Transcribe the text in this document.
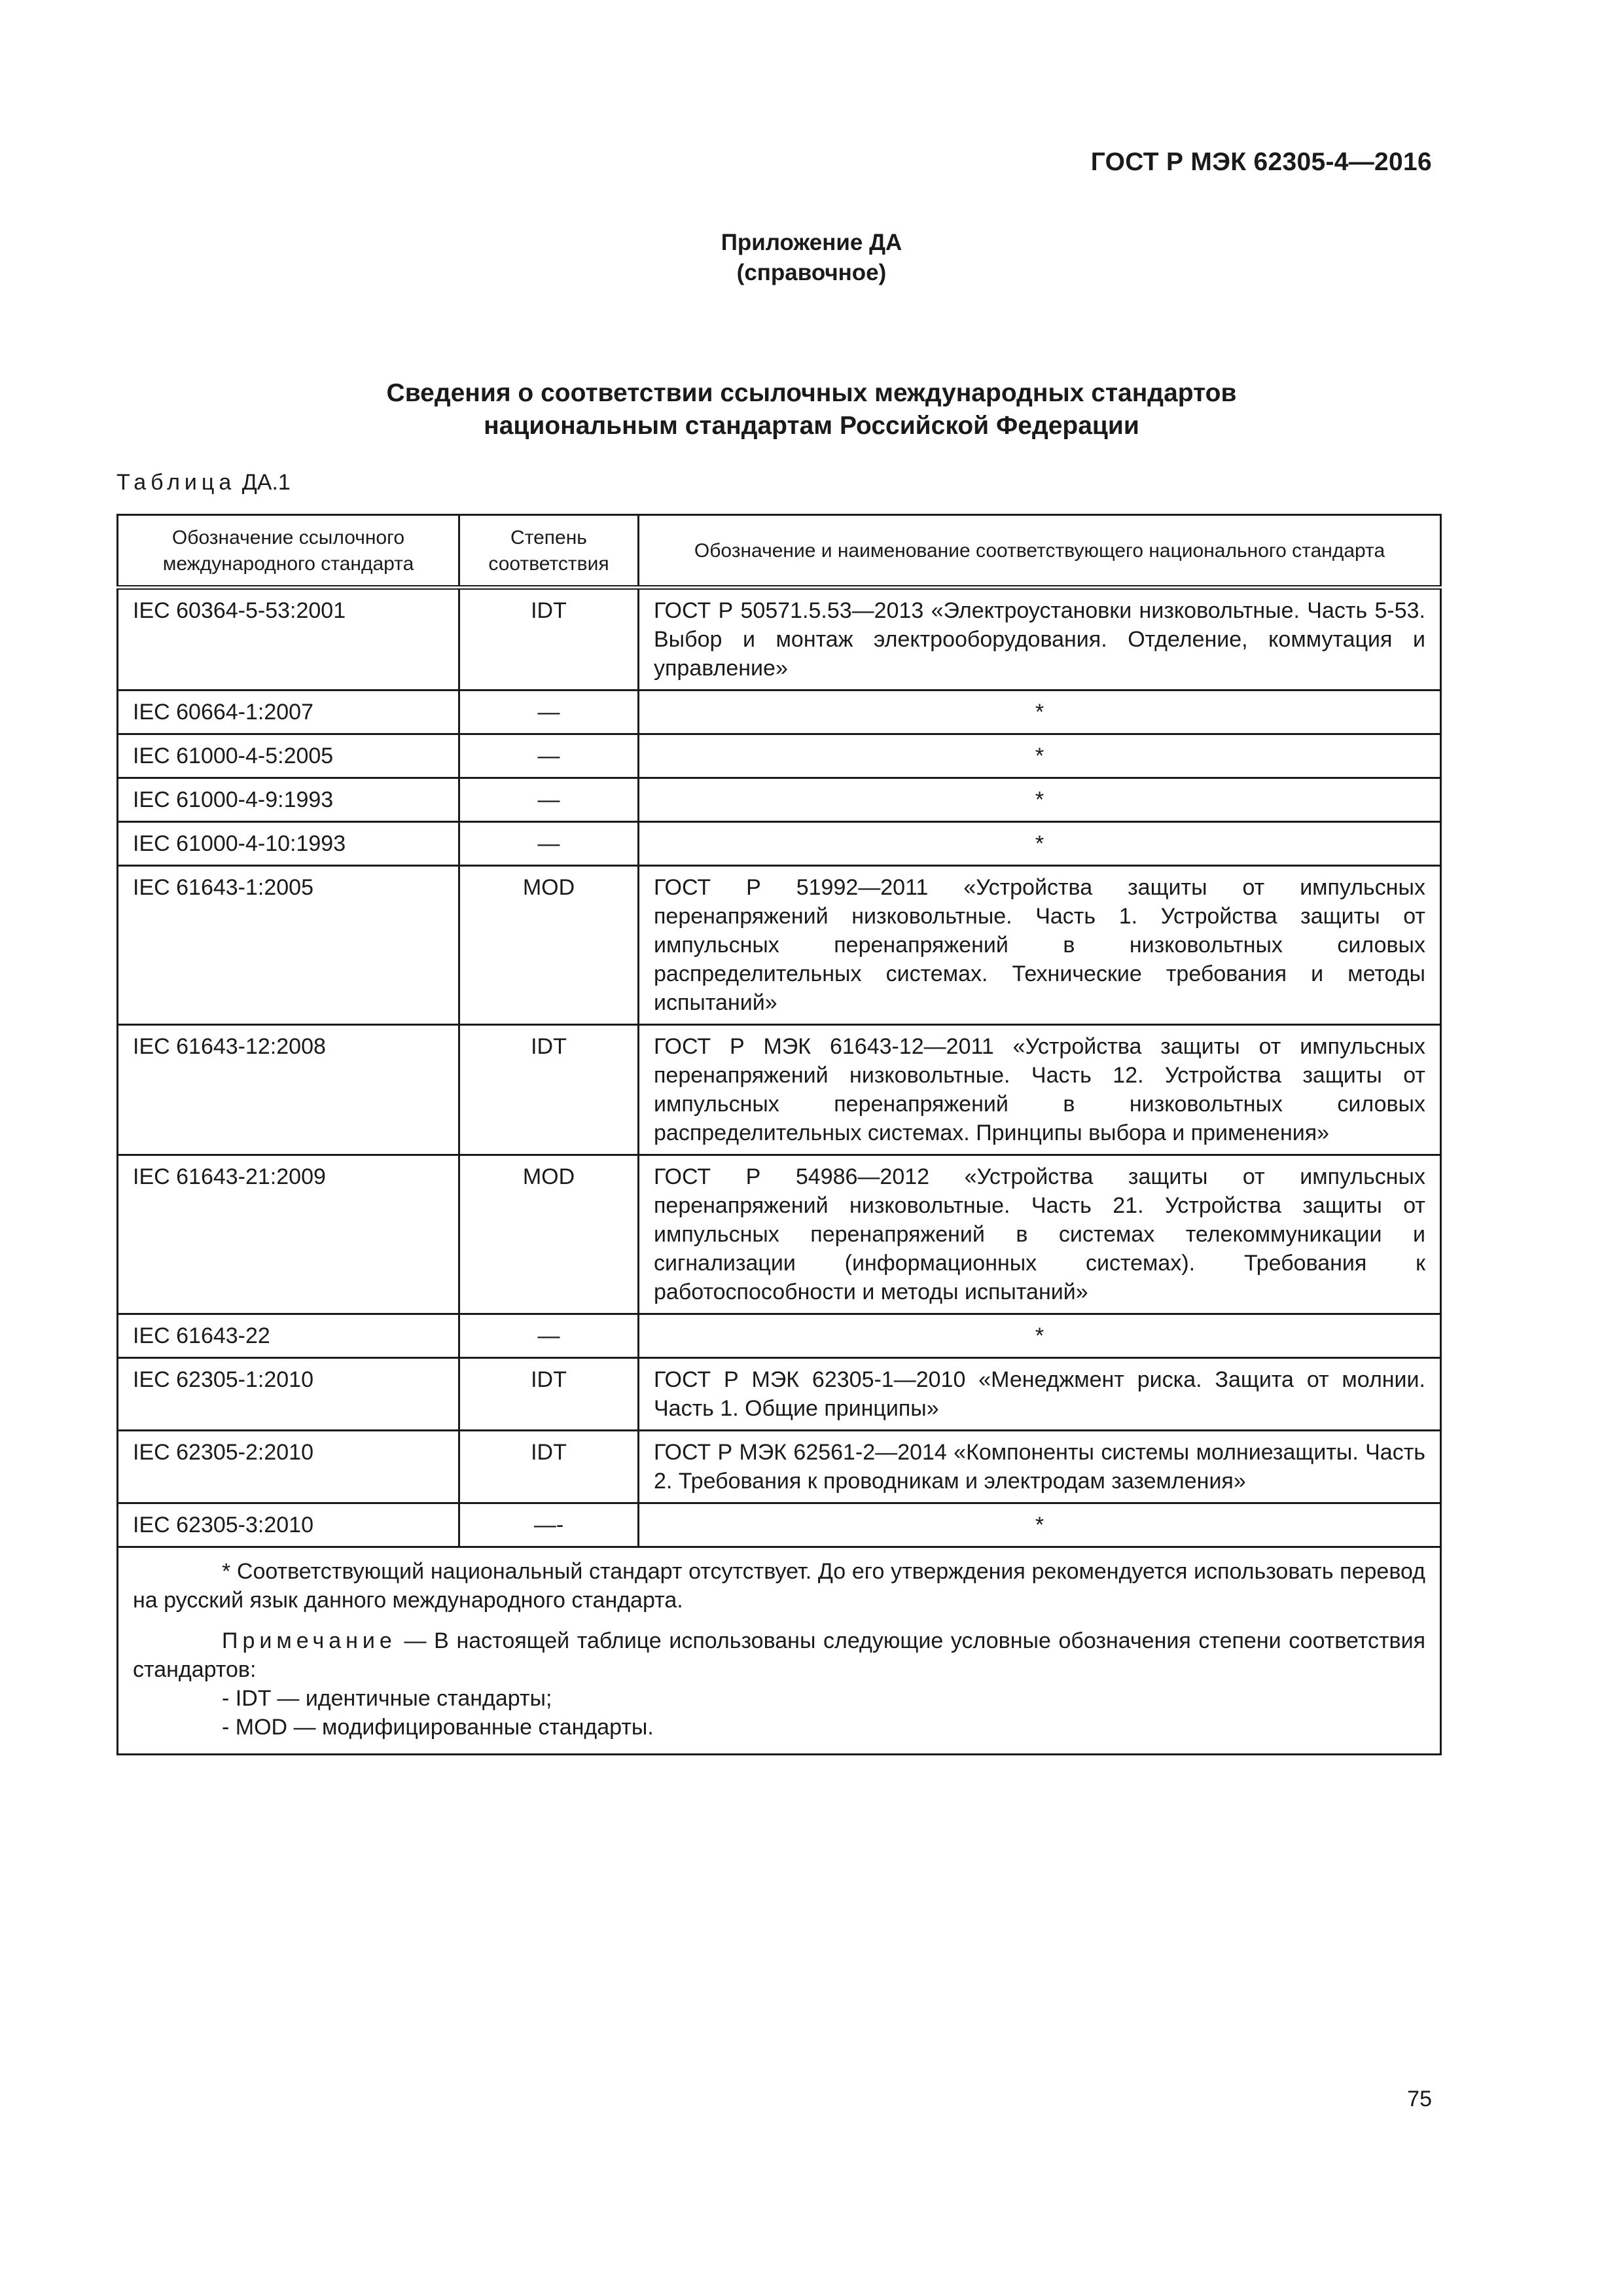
ГОСТ Р МЭК 62305-4—2016
Приложение ДА
(справочное)
Сведения о соответствии ссылочных международных стандартов
национальным стандартам Российской Федерации
Таблица ДА.1
Обозначение ссылочного международного стандарта	Степень соответствия	Обозначение и наименование соответствующего национального стандарта
IEC 60364-5-53:2001	IDT	ГОСТ Р 50571.5.53—2013 «Электроустановки низковольтные. Часть 5-53. Выбор и монтаж электрооборудования. Отделение, коммутация и управление»
IEC 60664-1:2007	—	*
IEC 61000-4-5:2005	—	*
IEC 61000-4-9:1993	—	*
IEC 61000-4-10:1993	—	*
IEC 61643-1:2005	MOD	ГОСТ Р 51992—2011 «Устройства защиты от импульсных перенапряжений низковольтные. Часть 1. Устройства защиты от импульсных перенапряжений в низковольтных силовых распределительных системах. Технические требования и методы испытаний»
IEC 61643-12:2008	IDT	ГОСТ Р МЭК 61643-12—2011 «Устройства защиты от импульсных перенапряжений низковольтные. Часть 12. Устройства защиты от импульсных перенапряжений в низковольтных силовых распределительных системах. Принципы выбора и применения»
IEC 61643-21:2009	MOD	ГОСТ Р 54986—2012 «Устройства защиты от импульсных перенапряжений низковольтные. Часть 21. Устройства защиты от импульсных перенапряжений в системах телекоммуникации и сигнализации (информационных системах). Требования к работоспособности и методы испытаний»
IEC 61643-22	—	*
IEC 62305-1:2010	IDT	ГОСТ Р МЭК 62305-1—2010 «Менеджмент риска. Защита от молнии. Часть 1. Общие принципы»
IEC 62305-2:2010	IDT	ГОСТ Р МЭК 62561-2—2014 «Компоненты системы молниезащиты. Часть 2. Требования к проводникам и электродам заземления»
IEC 62305-3:2010	—-	*

* Соответствующий национальный стандарт отсутствует. До его утверждения рекомендуется использовать перевод на русский язык данного международного стандарта.
Примечание — В настоящей таблице использованы следующие условные обозначения степени соответствия стандартов:
- IDT — идентичные стандарты;
- MOD — модифицированные стандарты.		
75
